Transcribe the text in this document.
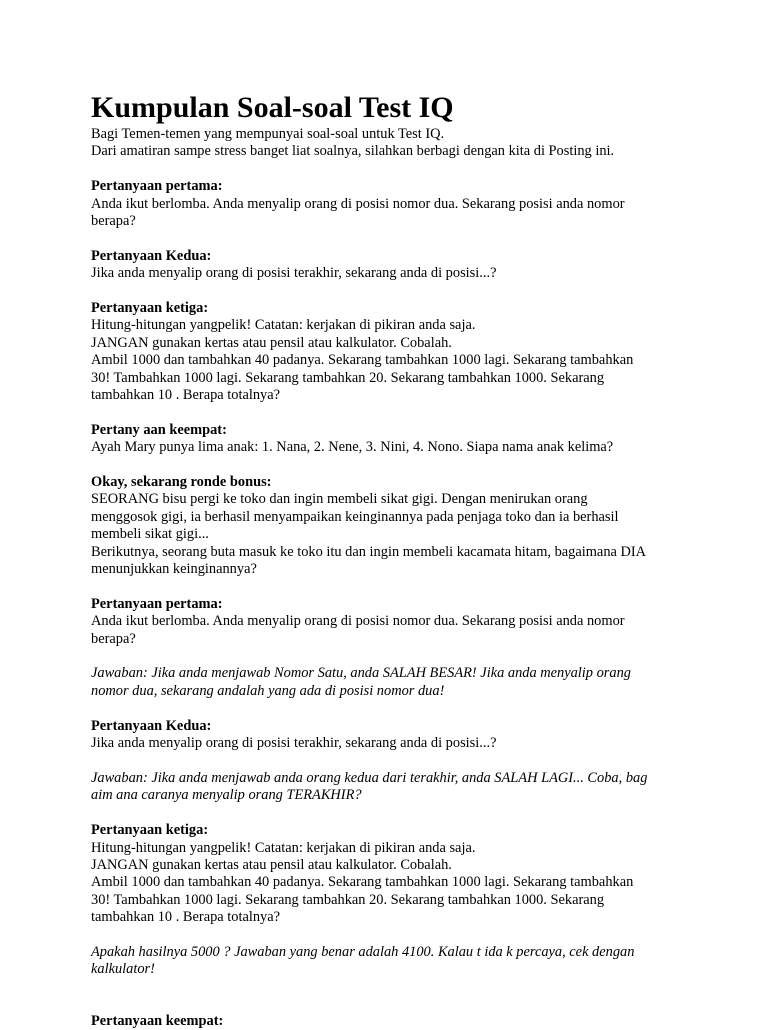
Kumpulan Soal-soal Test IQ

Bagi Temen-temen yang mempunyai soal-soal untuk Test IQ.

Dari amatiran sampe stress banget liat soalnya, silahkan berbagi dengan kita di Posting ini.

Pertanyaan pertama:

Anda ikut berlomba. Anda menyalip orang di posisi nomor dua. Sekarang posisi anda nomor

berapa?

Pertanyaan Kedua:

Jika anda menyalip orang di posisi terakhir, sekarang anda di posisi...?

Pertanyaan ketiga:

Hitung-hitungan yangpelik! Catatan: kerjakan di pikiran anda saja.

JANGAN gunakan kertas atau pensil atau kalkulator. Cobalah.

Ambil 1000 dan tambahkan 40 padanya. Sekarang tambahkan 1000 lagi. Sekarang tambahkan

30! Tambahkan 1000 lagi. Sekarang tambahkan 20. Sekarang tambahkan 1000. Sekarang

tambahkan 10 . Berapa totalnya?

Pertany aan keempat:

Ayah Mary punya lima anak: 1. Nana, 2. Nene, 3. Nini, 4. Nono. Siapa nama anak kelima?

Okay, sekarang ronde bonus:

SEORANG bisu pergi ke toko dan ingin membeli sikat gigi. Dengan menirukan orang

menggosok gigi, ia berhasil menyampaikan keinginannya pada penjaga toko dan ia berhasil

membeli sikat gigi...

Berikutnya, seorang buta masuk ke toko itu dan ingin membeli kacamata hitam, bagaimana DIA

menunjukkan keinginannya?

Pertanyaan pertama:

Anda ikut berlomba. Anda menyalip orang di posisi nomor dua. Sekarang posisi anda nomor

berapa?

Jawaban: Jika anda menjawab Nomor Satu, anda SALAH BESAR! Jika anda menyalip orang

nomor dua, sekarang andalah yang ada di posisi nomor dua!

Pertanyaan Kedua:

Jika anda menyalip orang di posisi terakhir, sekarang anda di posisi...?

Jawaban: Jika anda menjawab anda orang kedua dari terakhir, anda SALAH LAGI... Coba, bag

aim ana caranya menyalip orang TERAKHIR?

Pertanyaan ketiga:

Hitung-hitungan yangpelik! Catatan: kerjakan di pikiran anda saja.

JANGAN gunakan kertas atau pensil atau kalkulator. Cobalah.

Ambil 1000 dan tambahkan 40 padanya. Sekarang tambahkan 1000 lagi. Sekarang tambahkan

30! Tambahkan 1000 lagi. Sekarang tambahkan 20. Sekarang tambahkan 1000. Sekarang

tambahkan 10 . Berapa totalnya?

Apakah hasilnya 5000 ? Jawaban yang benar adalah 4100. Kalau t ida k percaya, cek dengan

kalkulator!

Pertanyaan keempat:
